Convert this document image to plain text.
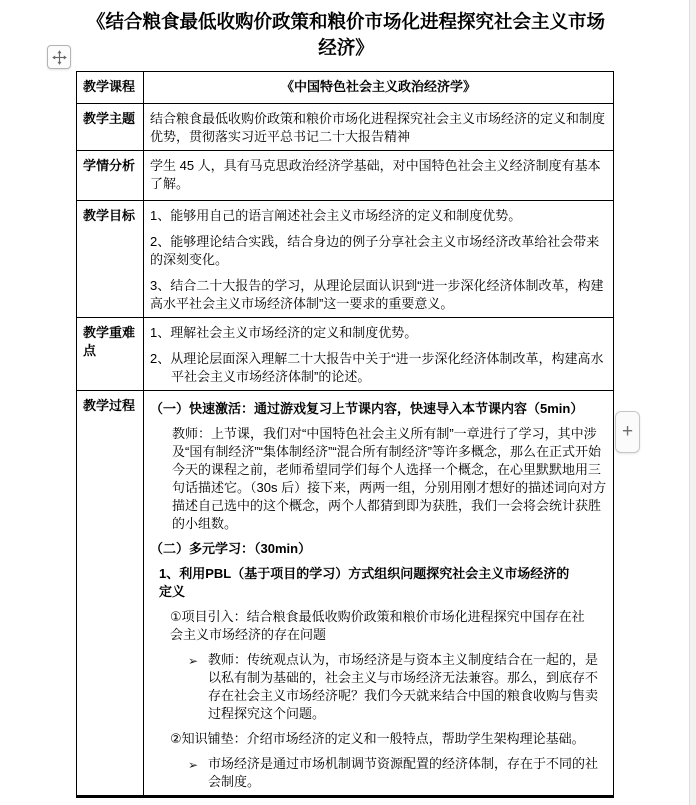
《结合粮食最低收购价政策和粮价市场化进程探究社会主义市场经济》
教学课程	《中国特色社会主义政治经济学》
教学主题	结合粮食最低收购价政策和粮价市场化进程探究社会主义市场经济的定义和制度优势，贯彻落实习近平总书记二十大报告精神
学情分析	学生 45 人，具有马克思政治经济学基础，对中国特色社会主义经济制度有基本了解。
教学目标	1、能够用自己的语言阐述社会主义市场经济的定义和制度优势。
2、能够理论结合实践，结合身边的例子分享社会主义市场经济改革给社会带来的深刻变化。
3、结合二十大报告的学习，从理论层面认识到“进一步深化经济体制改革，构建高水平社会主义市场经济体制”这一要求的重要意义。

教学重难点	1、理解社会主义市场经济的定义和制度优势。
2、从理论层面深入理解二十大报告中关于“进一步深化经济体制改革，构建高水平社会主义市场经济体制”的论述。

教学过程	（一）快速激活：通过游戏复习上节课内容，快速导入本节课内容（5min）
教师：上节课，我们对“中国特色社会主义所有制”一章进行了学习，其中涉及“国有制经济”“集体制经济”“混合所有制经济”等许多概念，那么在正式开始今天的课程之前，老师希望同学们每个人选择一个概念，在心里默默地用三句话描述它。（30s 后）接下来，两两一组，分别用刚才想好的描述词向对方描述自己选中的这个概念，两个人都猜到即为获胜，我们一会将会统计获胜的小组数。
（二）多元学习：（30min）
1、利用PBL（基于项目的学习）方式组织问题探究社会主义市场经济的定义
①项目引入：结合粮食最低收购价政策和粮价市场化进程探究中国存在社会主义市场经济的存在问题
➢ 教师：传统观点认为，市场经济是与资本主义制度结合在一起的，是以私有制为基础的，社会主义与市场经济无法兼容。那么，到底存不存在社会主义市场经济呢？我们今天就来结合中国的粮食收购与售卖过程探究这个问题。
②知识铺垫：介绍市场经济的定义和一般特点，帮助学生架构理论基础。
➢ 市场经济是通过市场机制调节资源配置的经济体制，存在于不同的社会制度。
+
